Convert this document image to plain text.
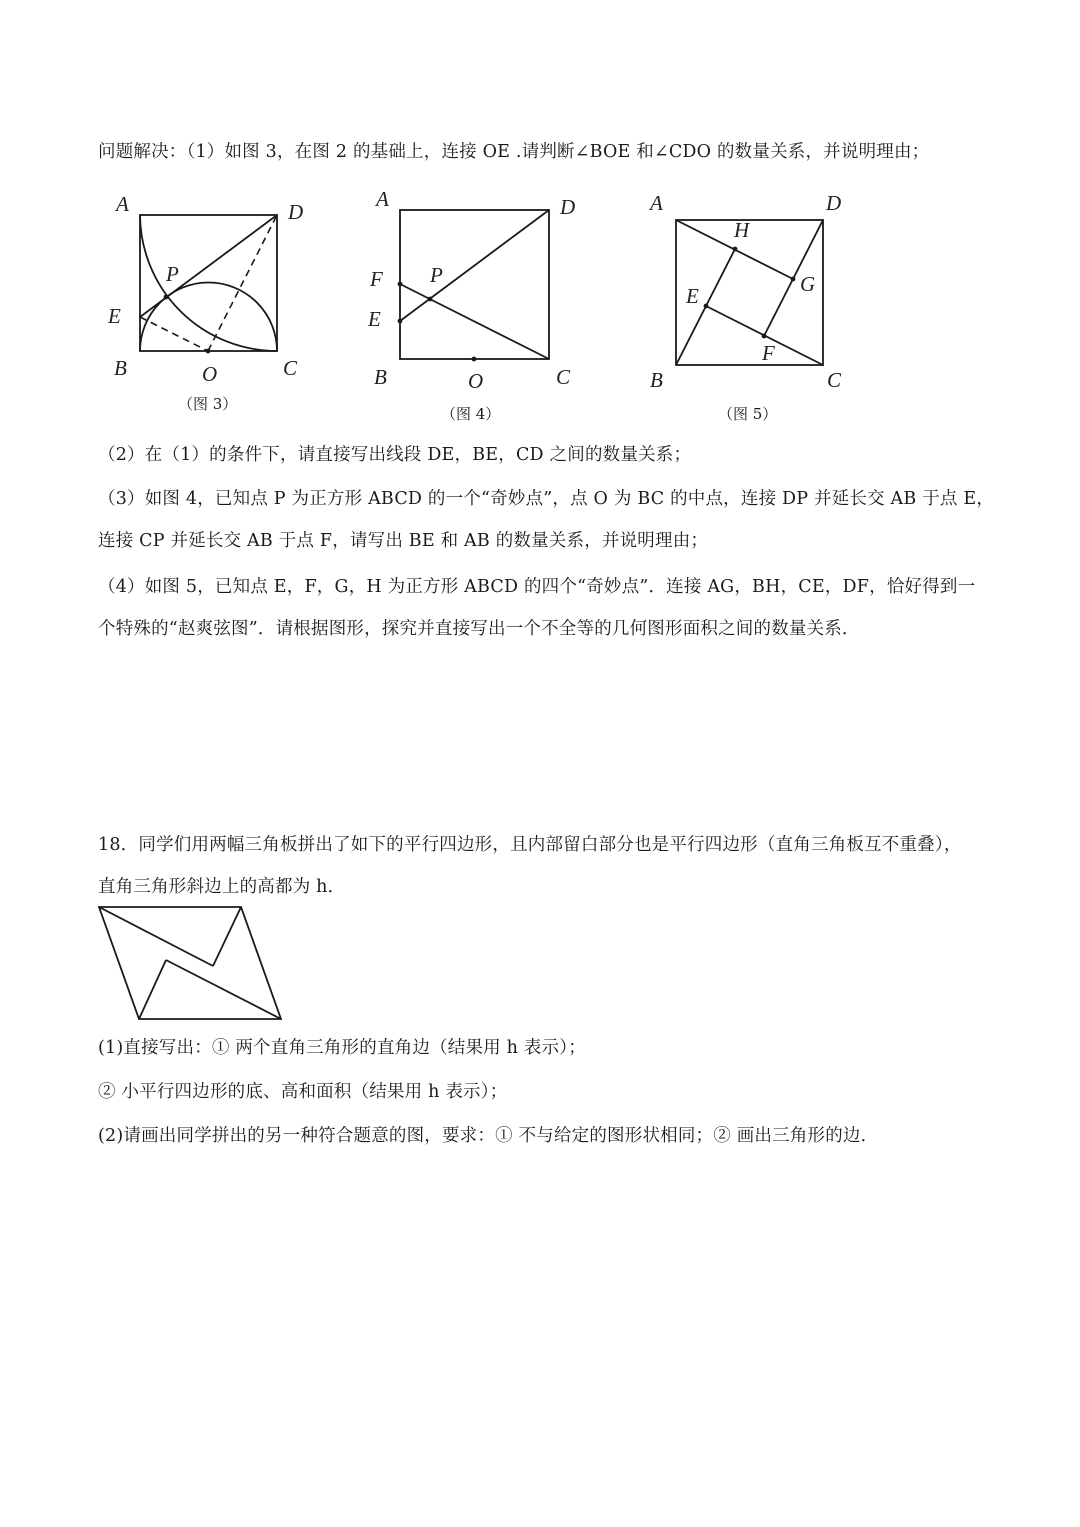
问题解决：（1）如图 3，在图 2 的基础上，连接 OE .请判断∠BOE 和∠CDO 的数量关系，并说明理由；
A	D
P
E
B	O	C
（图 3）
A	D
F P
E
B	O	C
（图 4）
A	D
H
G
E
F
B	C
（图 5）
（2）在（1）的条件下，请直接写出线段 DE，BE，CD 之间的数量关系；
（3）如图 4，已知点 P 为正方形 ABCD 的一个“奇妙点”，点 O 为 BC 的中点，连接 DP 并延长交 AB 于点 E，
连接 CP 并延长交 AB 于点 F，请写出 BE 和 AB 的数量关系，并说明理由；
（4）如图 5，已知点 E，F，G，H 为正方形 ABCD 的四个“奇妙点”．连接 AG，BH，CE，DF，恰好得到一
个特殊的“赵爽弦图”．请根据图形，探究并直接写出一个不全等的几何图形面积之间的数量关系．
18．同学们用两幅三角板拼出了如下的平行四边形，且内部留白部分也是平行四边形（直角三角板互不重叠），
直角三角形斜边上的高都为 h．
(1)直接写出：① 两个直角三角形的直角边（结果用 h 表示）；
② 小平行四边形的底、高和面积（结果用 h 表示）；
(2)请画出同学拼出的另一种符合题意的图，要求：① 不与给定的图形状相同；② 画出三角形的边．
